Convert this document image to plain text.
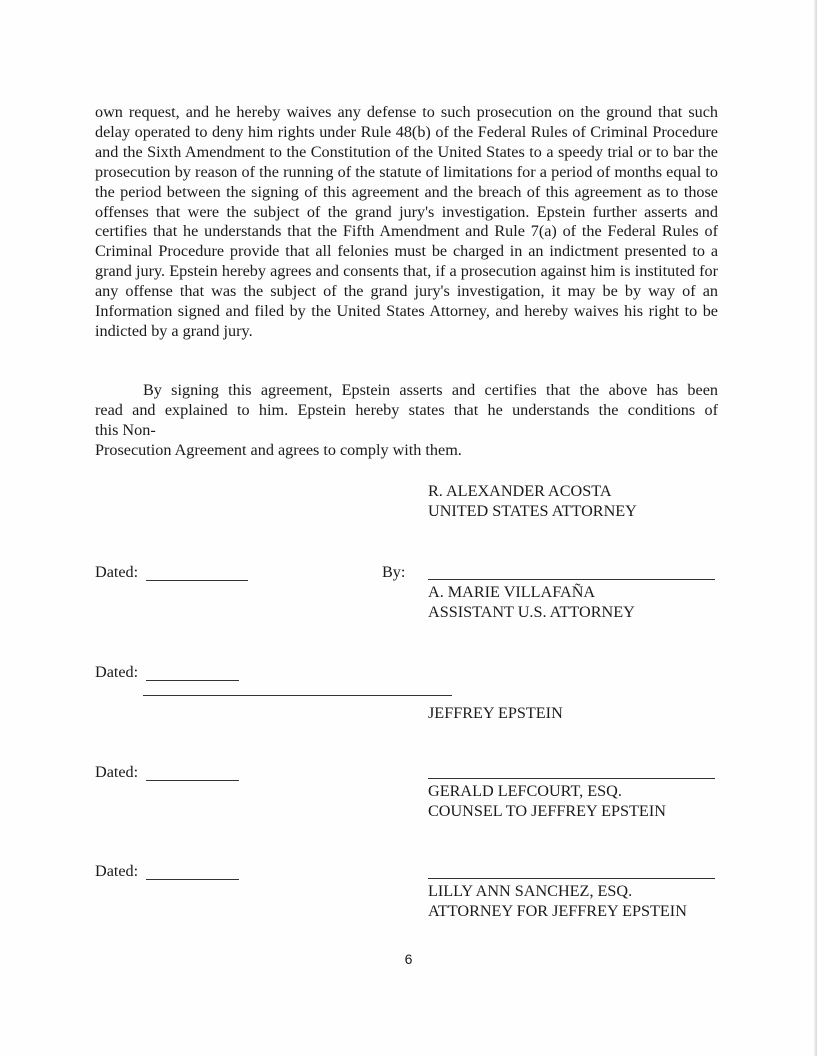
own request, and he hereby waives any defense to such prosecution on the ground that such delay operated to deny him rights under Rule 48(b) of the Federal Rules of Criminal Procedure and the Sixth Amendment to the Constitution of the United States to a speedy trial or to bar the prosecution by reason of the running of the statute of limitations for a period of months equal to the period between the signing of this agreement and the breach of this agreement as to those offenses that were the subject of the grand jury's investigation. Epstein further asserts and certifies that he understands that the Fifth Amendment and Rule 7(a) of the Federal Rules of Criminal Procedure provide that all felonies must be charged in an indictment presented to a grand jury. Epstein hereby agrees and consents that, if a prosecution against him is instituted for any offense that was the subject of the grand jury's investigation, it may be by way of an Information signed and filed by the United States Attorney, and hereby waives his right to be indicted by a grand jury.

By signing this agreement, Epstein asserts and certifies that the above has been
read and explained to him. Epstein hereby states that he understands the conditions of
this Non-
Prosecution Agreement and agrees to comply with them.
R. ALEXANDER ACOSTA
UNITED STATES ATTORNEY
Dated:	By:
A. MARIE VILLAFAÑA
ASSISTANT U.S. ATTORNEY
Dated:
JEFFREY EPSTEIN
Dated:
GERALD LEFCOURT, ESQ.
COUNSEL TO JEFFREY EPSTEIN
Dated:
LILLY ANN SANCHEZ, ESQ.
ATTORNEY FOR JEFFREY EPSTEIN
6
